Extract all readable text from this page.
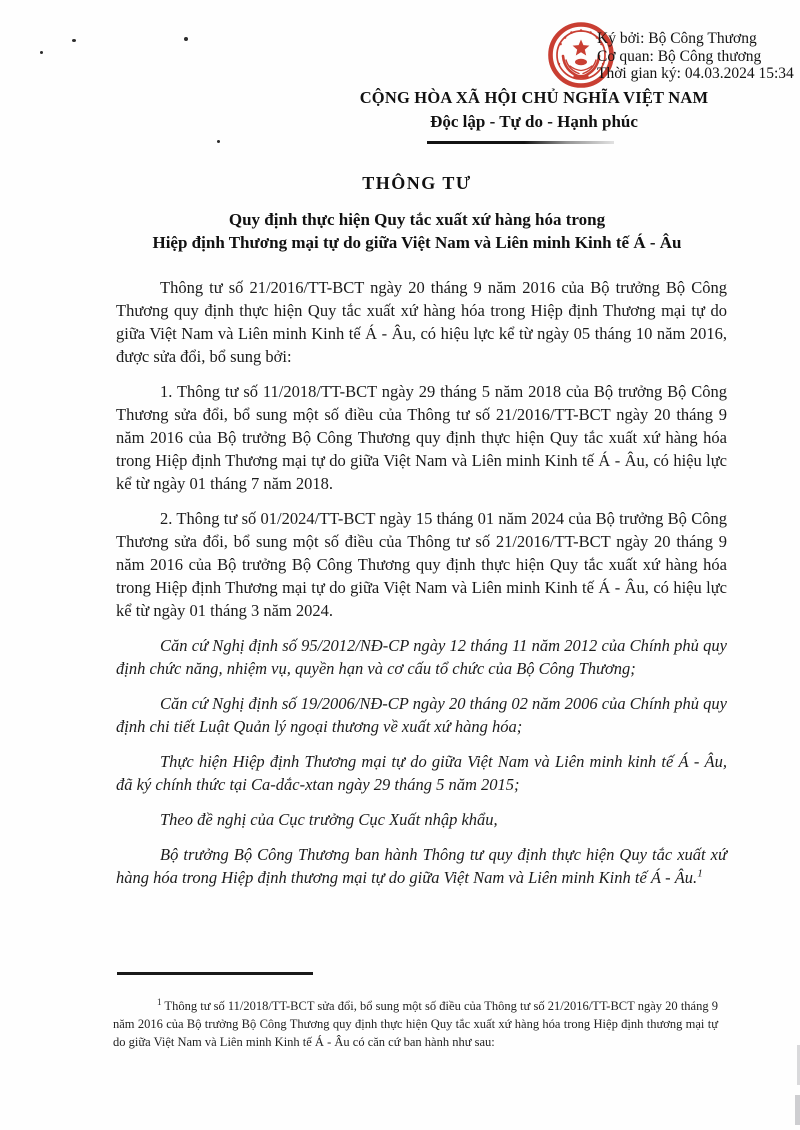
Ký bởi: Bộ Công Thương
Cơ quan: Bộ Công thương
Thời gian ký: 04.03.2024 15:34
CỘNG HÒA XÃ HỘI CHỦ NGHĨA VIỆT NAM
Độc lập - Tự do - Hạnh phúc
THÔNG TƯ
Quy định thực hiện Quy tắc xuất xứ hàng hóa trong
Hiệp định Thương mại tự do giữa Việt Nam và Liên minh Kinh tế Á - Âu

Thông tư số 21/2016/TT-BCT ngày 20 tháng 9 năm 2016 của Bộ trưởng Bộ Công Thương quy định thực hiện Quy tắc xuất xứ hàng hóa trong Hiệp định Thương mại tự do giữa Việt Nam và Liên minh Kinh tế Á - Âu, có hiệu lực kể từ ngày 05 tháng 10 năm 2016, được sửa đổi, bổ sung bởi:

1. Thông tư số 11/2018/TT-BCT ngày 29 tháng 5 năm 2018 của Bộ trưởng Bộ Công Thương sửa đổi, bổ sung một số điều của Thông tư số 21/2016/TT-BCT ngày 20 tháng 9 năm 2016 của Bộ trưởng Bộ Công Thương quy định thực hiện Quy tắc xuất xứ hàng hóa trong Hiệp định Thương mại tự do giữa Việt Nam và Liên minh Kinh tế Á - Âu, có hiệu lực kể từ ngày 01 tháng 7 năm 2018.

2. Thông tư số 01/2024/TT-BCT ngày 15 tháng 01 năm 2024 của Bộ trưởng Bộ Công Thương sửa đổi, bổ sung một số điều của Thông tư số 21/2016/TT-BCT ngày 20 tháng 9 năm 2016 của Bộ trưởng Bộ Công Thương quy định thực hiện Quy tắc xuất xứ hàng hóa trong Hiệp định Thương mại tự do giữa Việt Nam và Liên minh Kinh tế Á - Âu, có hiệu lực kể từ ngày 01 tháng 3 năm 2024.

Căn cứ Nghị định số 95/2012/NĐ-CP ngày 12 tháng 11 năm 2012 của Chính phủ quy định chức năng, nhiệm vụ, quyền hạn và cơ cấu tổ chức của Bộ Công Thương;

Căn cứ Nghị định số 19/2006/NĐ-CP ngày 20 tháng 02 năm 2006 của Chính phủ quy định chi tiết Luật Quản lý ngoại thương về xuất xứ hàng hóa;

Thực hiện Hiệp định Thương mại tự do giữa Việt Nam và Liên minh kinh tế Á - Âu, đã ký chính thức tại Ca-dắc-xtan ngày 29 tháng 5 năm 2015;

Theo đề nghị của Cục trưởng Cục Xuất nhập khẩu,

Bộ trưởng Bộ Công Thương ban hành Thông tư quy định thực hiện Quy tắc xuất xứ hàng hóa trong Hiệp định thương mại tự do giữa Việt Nam và Liên minh Kinh tế Á - Âu.$^1$

$^1$ Thông tư số 11/2018/TT-BCT sửa đổi, bổ sung một số điều của Thông tư số 21/2016/TT-BCT ngày 20 tháng 9 năm 2016 của Bộ trưởng Bộ Công Thương quy định thực hiện Quy tắc xuất xứ hàng hóa trong Hiệp định thương mại tự do giữa Việt Nam và Liên minh Kinh tế Á - Âu có căn cứ ban hành như sau:
